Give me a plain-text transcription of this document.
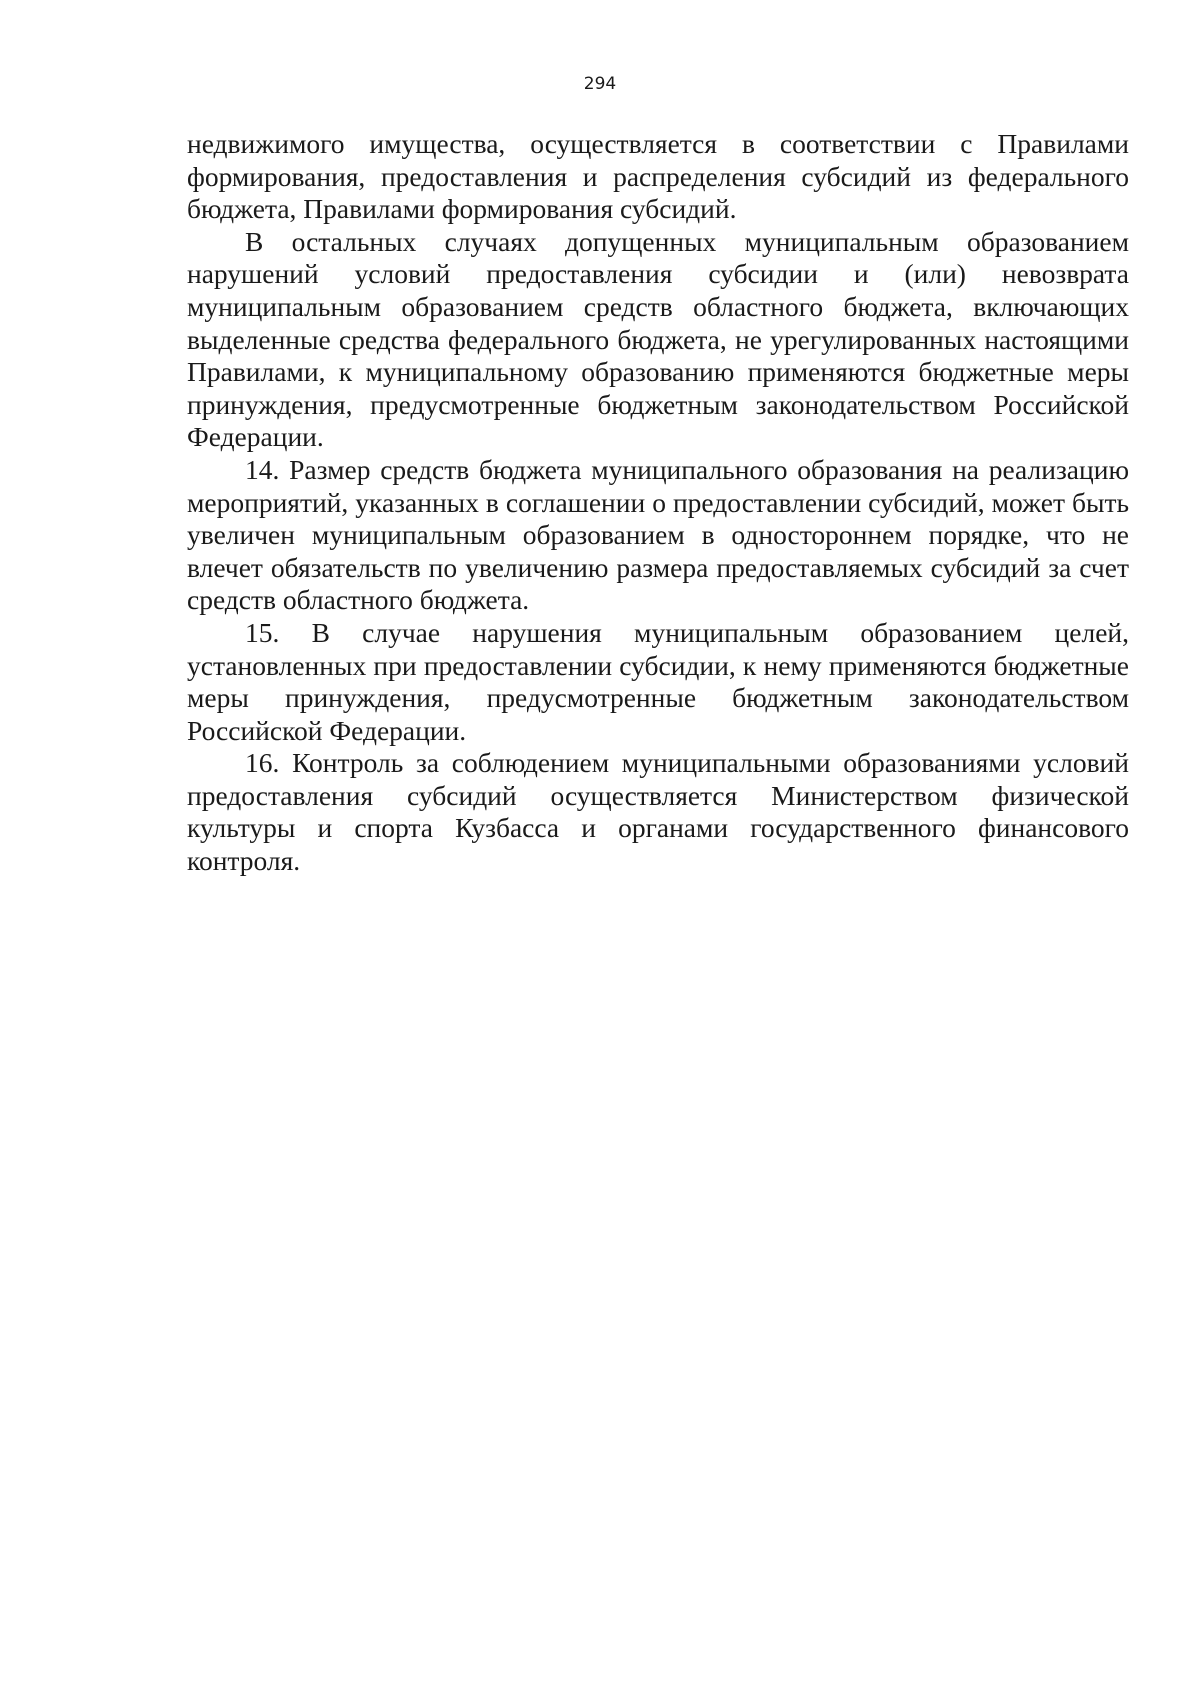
294

недвижимого имущества, осуществляется в соответствии с Правилами формирования, предоставления и распределения субсидий из федерального бюджета, Правилами формирования субсидий.

В остальных случаях допущенных муниципальным образованием нарушений условий предоставления субсидии и (или) невозврата муниципальным образованием средств областного бюджета, включающих выделенные средства федерального бюджета, не урегулированных настоящими Правилами, к муниципальному образованию применяются бюджетные меры принуждения, предусмотренные бюджетным законодательством Российской Федерации.

14. Размер средств бюджета муниципального образования на реализацию мероприятий, указанных в соглашении о предоставлении субсидий, может быть увеличен муниципальным образованием в одностороннем порядке, что не влечет обязательств по увеличению размера предоставляемых субсидий за счет средств областного бюджета.

15. В случае нарушения муниципальным образованием целей, установленных при предоставлении субсидии, к нему применяются бюджетные меры принуждения, предусмотренные бюджетным законодательством Российской Федерации.

16. Контроль за соблюдением муниципальными образованиями условий предоставления субсидий осуществляется Министерством физической культуры и спорта Кузбасса и органами государственного финансового контроля.
